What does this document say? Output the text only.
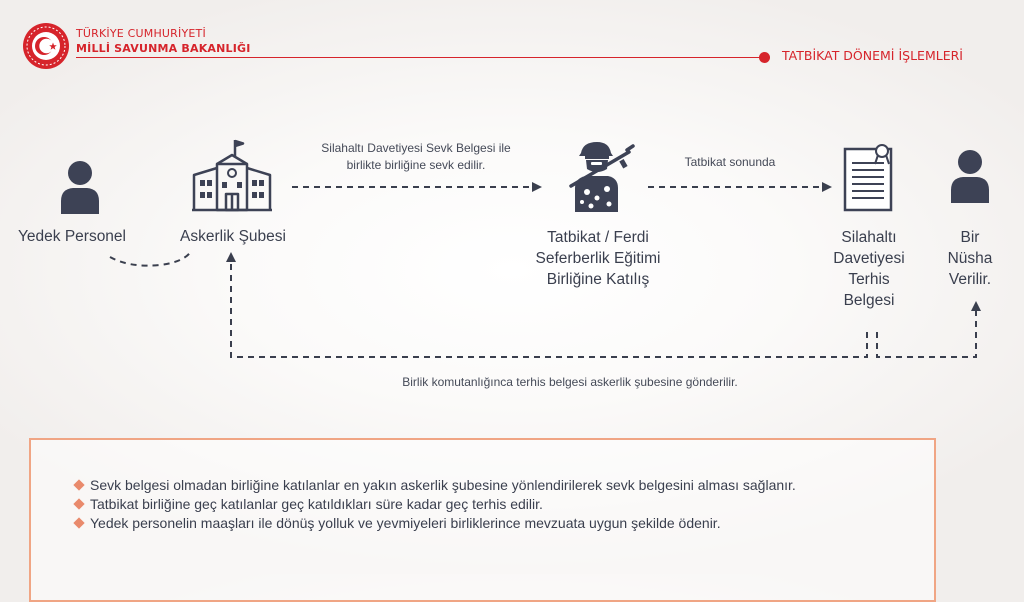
TÜRKİYE CUMHURİYETİ
MİLLİ SAVUNMA BAKANLIĞI	TATBİKAT DÖNEMİ İŞLEMLERİ
Yedek Personel	Askerlik Şubesi
Silahaltı Davetiyesi Sevk Belgesi ile
birlikte birliğine sevk edilir.
Tatbikat / Ferdi
Seferberlik Eğitimi
Birliğine Katılış
Tatbikat sonunda
Silahaltı
Davetiyesi
Terhis
Belgesi
Bir
Nüsha
Verilir.
Birlik komutanlığınca terhis belgesi askerlik şubesine gönderilir.
Sevk belgesi olmadan birliğine katılanlar en yakın askerlik şubesine yönlendirilerek sevk belgesini alması sağlanır.
Tatbikat birliğine geç katılanlar geç katıldıkları süre kadar geç terhis edilir.
Yedek personelin maaşları ile dönüş yolluk ve yevmiyeleri birliklerince mevzuata uygun şekilde ödenir.
